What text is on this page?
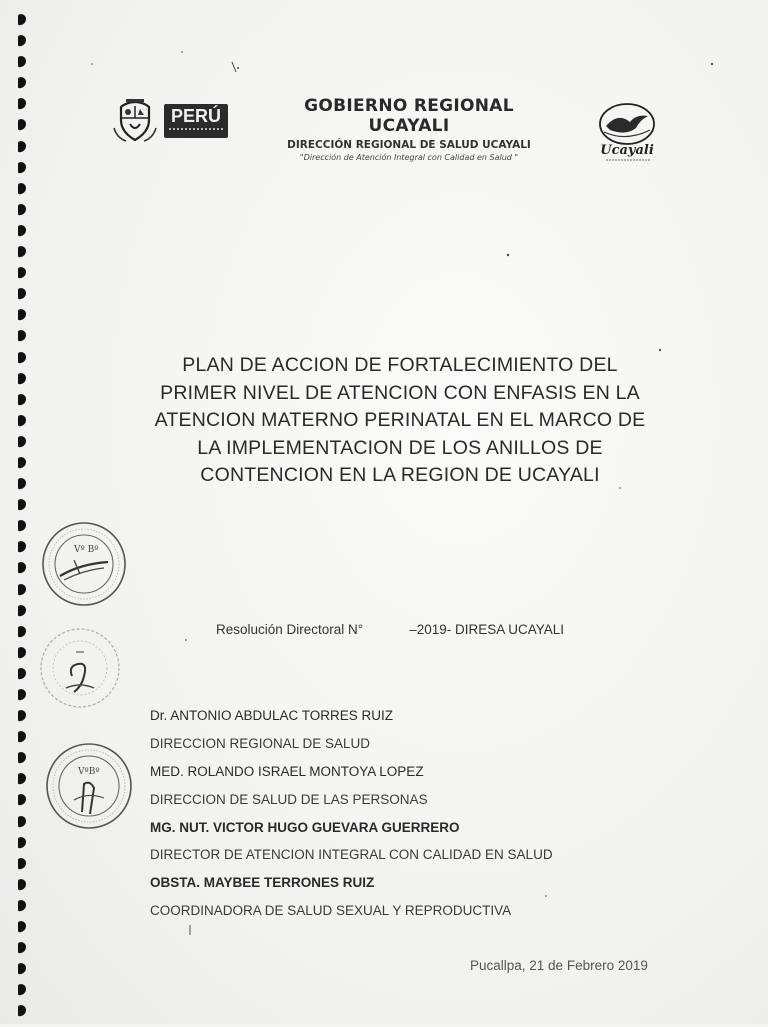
PERÚ	GOBIERNO REGIONAL UCAYALI
DIRECCIÓN REGIONAL DE SALUD UCAYALI
"Dirección de Atención Integral con Calidad en Salud "	Ucayali
PLAN DE ACCION DE FORTALECIMIENTO DEL
PRIMER NIVEL DE ATENCION CON ENFASIS EN LA
ATENCION MATERNO PERINATAL EN EL MARCO DE
LA IMPLEMENTACION DE LOS ANILLOS DE
CONTENCION EN LA REGION DE UCAYALI
Vº Bº
VºBº
Resolución Directoral N°	–2019- DIRESA UCAYALI
Dr. ANTONIO ABDULAC TORRES RUIZ
DIRECCION REGIONAL DE SALUD
MED. ROLANDO ISRAEL MONTOYA LOPEZ
DIRECCION DE SALUD DE LAS PERSONAS
MG. NUT. VICTOR HUGO GUEVARA GUERRERO
DIRECTOR DE ATENCION INTEGRAL CON CALIDAD EN SALUD
OBSTA. MAYBEE TERRONES RUIZ
COORDINADORA DE SALUD SEXUAL Y REPRODUCTIVA
Pucallpa, 21 de Febrero 2019
